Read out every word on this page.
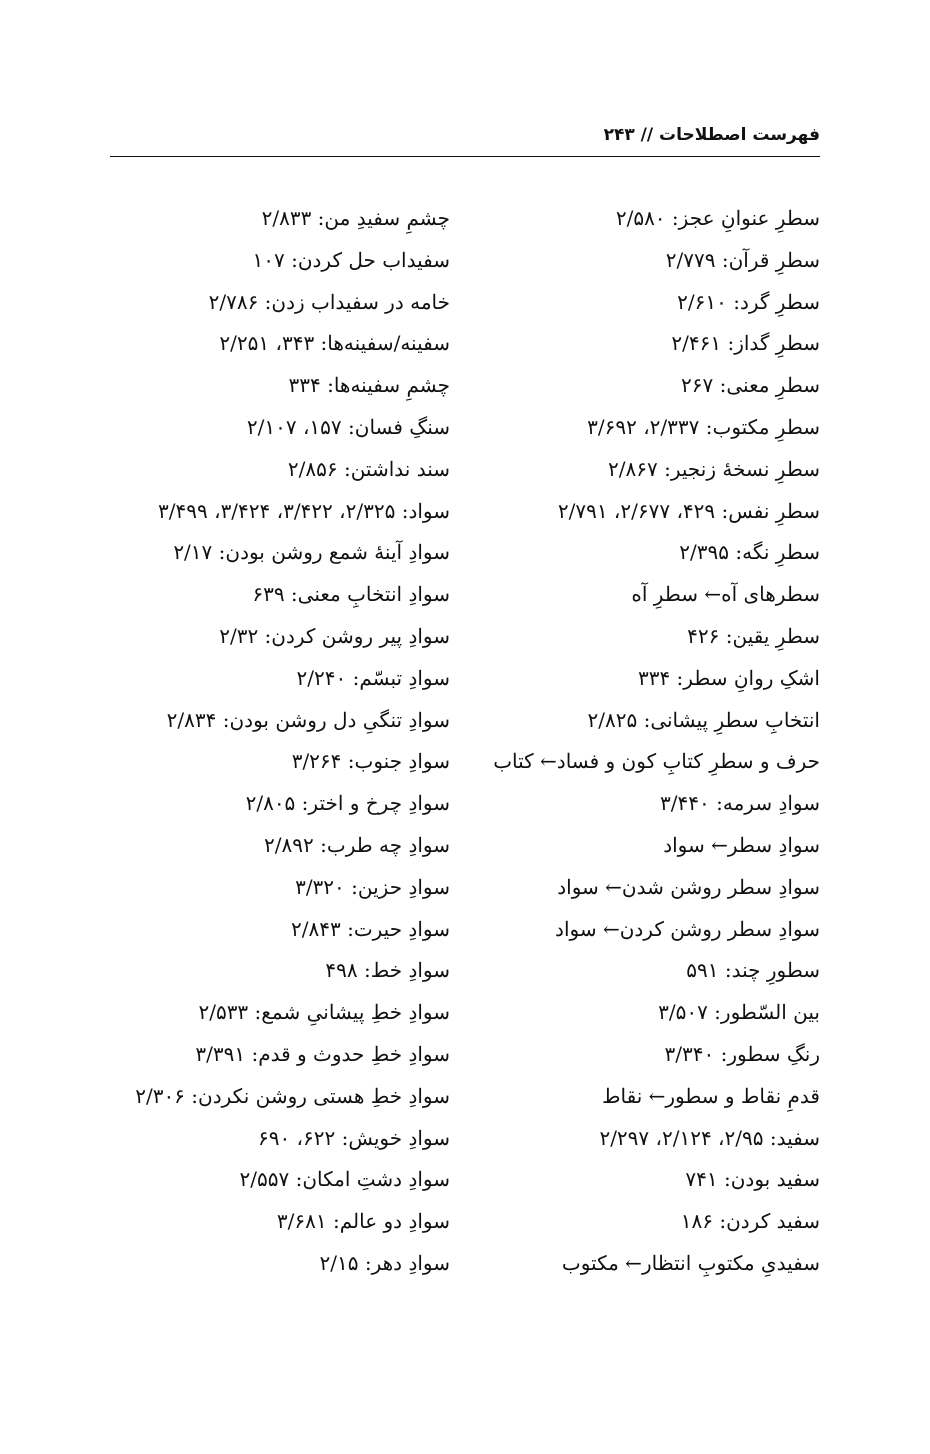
فهرست اصطلاحات // ۲۴۳
سطرِ عنوانِ عجز: ۲/۵۸۰
سطرِ قرآن: ۲/۷۷۹
سطرِ گرد: ۲/۶۱۰
سطرِ گداز: ۲/۴۶۱
سطرِ معنی: ۲۶۷
سطرِ مکتوب: ۲/۳۳۷، ۳/۶۹۲
سطرِ نسخهٔ زنجیر: ۲/۸۶۷
سطرِ نفس: ۴۲۹، ۲/۶۷۷، ۲/۷۹۱
سطرِ نگه: ۲/۳۹۵
سطرهای آه← سطرِ آه
سطرِ یقین: ۴۲۶
اشکِ روانِ سطر: ۳۳۴
انتخابِ سطرِ پیشانی: ۲/۸۲۵
حرف و سطرِ کتابِ کون و فساد← کتاب
سوادِ سرمه: ۳/۴۴۰
سوادِ سطر← سواد
سوادِ سطر روشن شدن← سواد
سوادِ سطر روشن کردن← سواد
سطورِ چند: ۵۹۱
بین السّطور: ۳/۵۰۷
رنگِ سطور: ۳/۳۴۰
قدمِ نقاط و سطور← نقاط
سفید: ۲/۹۵، ۲/۱۲۴، ۲/۲۹۷
سفید بودن: ۷۴۱
سفید کردن: ۱۸۶
سفیدیِ مکتوبِ انتظار← مکتوب
چشمِ سفیدِ من: ۲/۸۳۳
سفیداب حل کردن: ۱۰۷
خامه در سفیداب زدن: ۲/۷۸۶
سفینه/سفینه‌ها: ۳۴۳، ۲/۲۵۱
چشمِ سفینه‌ها: ۳۳۴
سنگِ فسان: ۱۵۷، ۲/۱۰۷
سند نداشتن: ۲/۸۵۶
سواد: ۲/۳۲۵، ۳/۴۲۲، ۳/۴۲۴، ۳/۴۹۹
سوادِ آینهٔ شمع روشن بودن: ۲/۱۷
سوادِ انتخابِ معنی: ۶۳۹
سوادِ پیر روشن کردن: ۲/۳۲
سوادِ تبسّم: ۲/۲۴۰
سوادِ تنگیِ دل روشن بودن: ۲/۸۳۴
سوادِ جنوب: ۳/۲۶۴
سوادِ چرخ و اختر: ۲/۸۰۵
سوادِ چه طرب: ۲/۸۹۲
سوادِ حزین: ۳/۳۲۰
سوادِ حیرت: ۲/۸۴۳
سوادِ خط: ۴۹۸
سوادِ خطِ پیشانیِ شمع: ۲/۵۳۳
سوادِ خطِ حدوث و قدم: ۳/۳۹۱
سوادِ خطِ هستی روشن نکردن: ۲/۳۰۶
سوادِ خویش: ۶۲۲، ۶۹۰
سوادِ دشتِ امکان: ۲/۵۵۷
سوادِ دو عالم: ۳/۶۸۱
سوادِ دهر: ۲/۱۵
